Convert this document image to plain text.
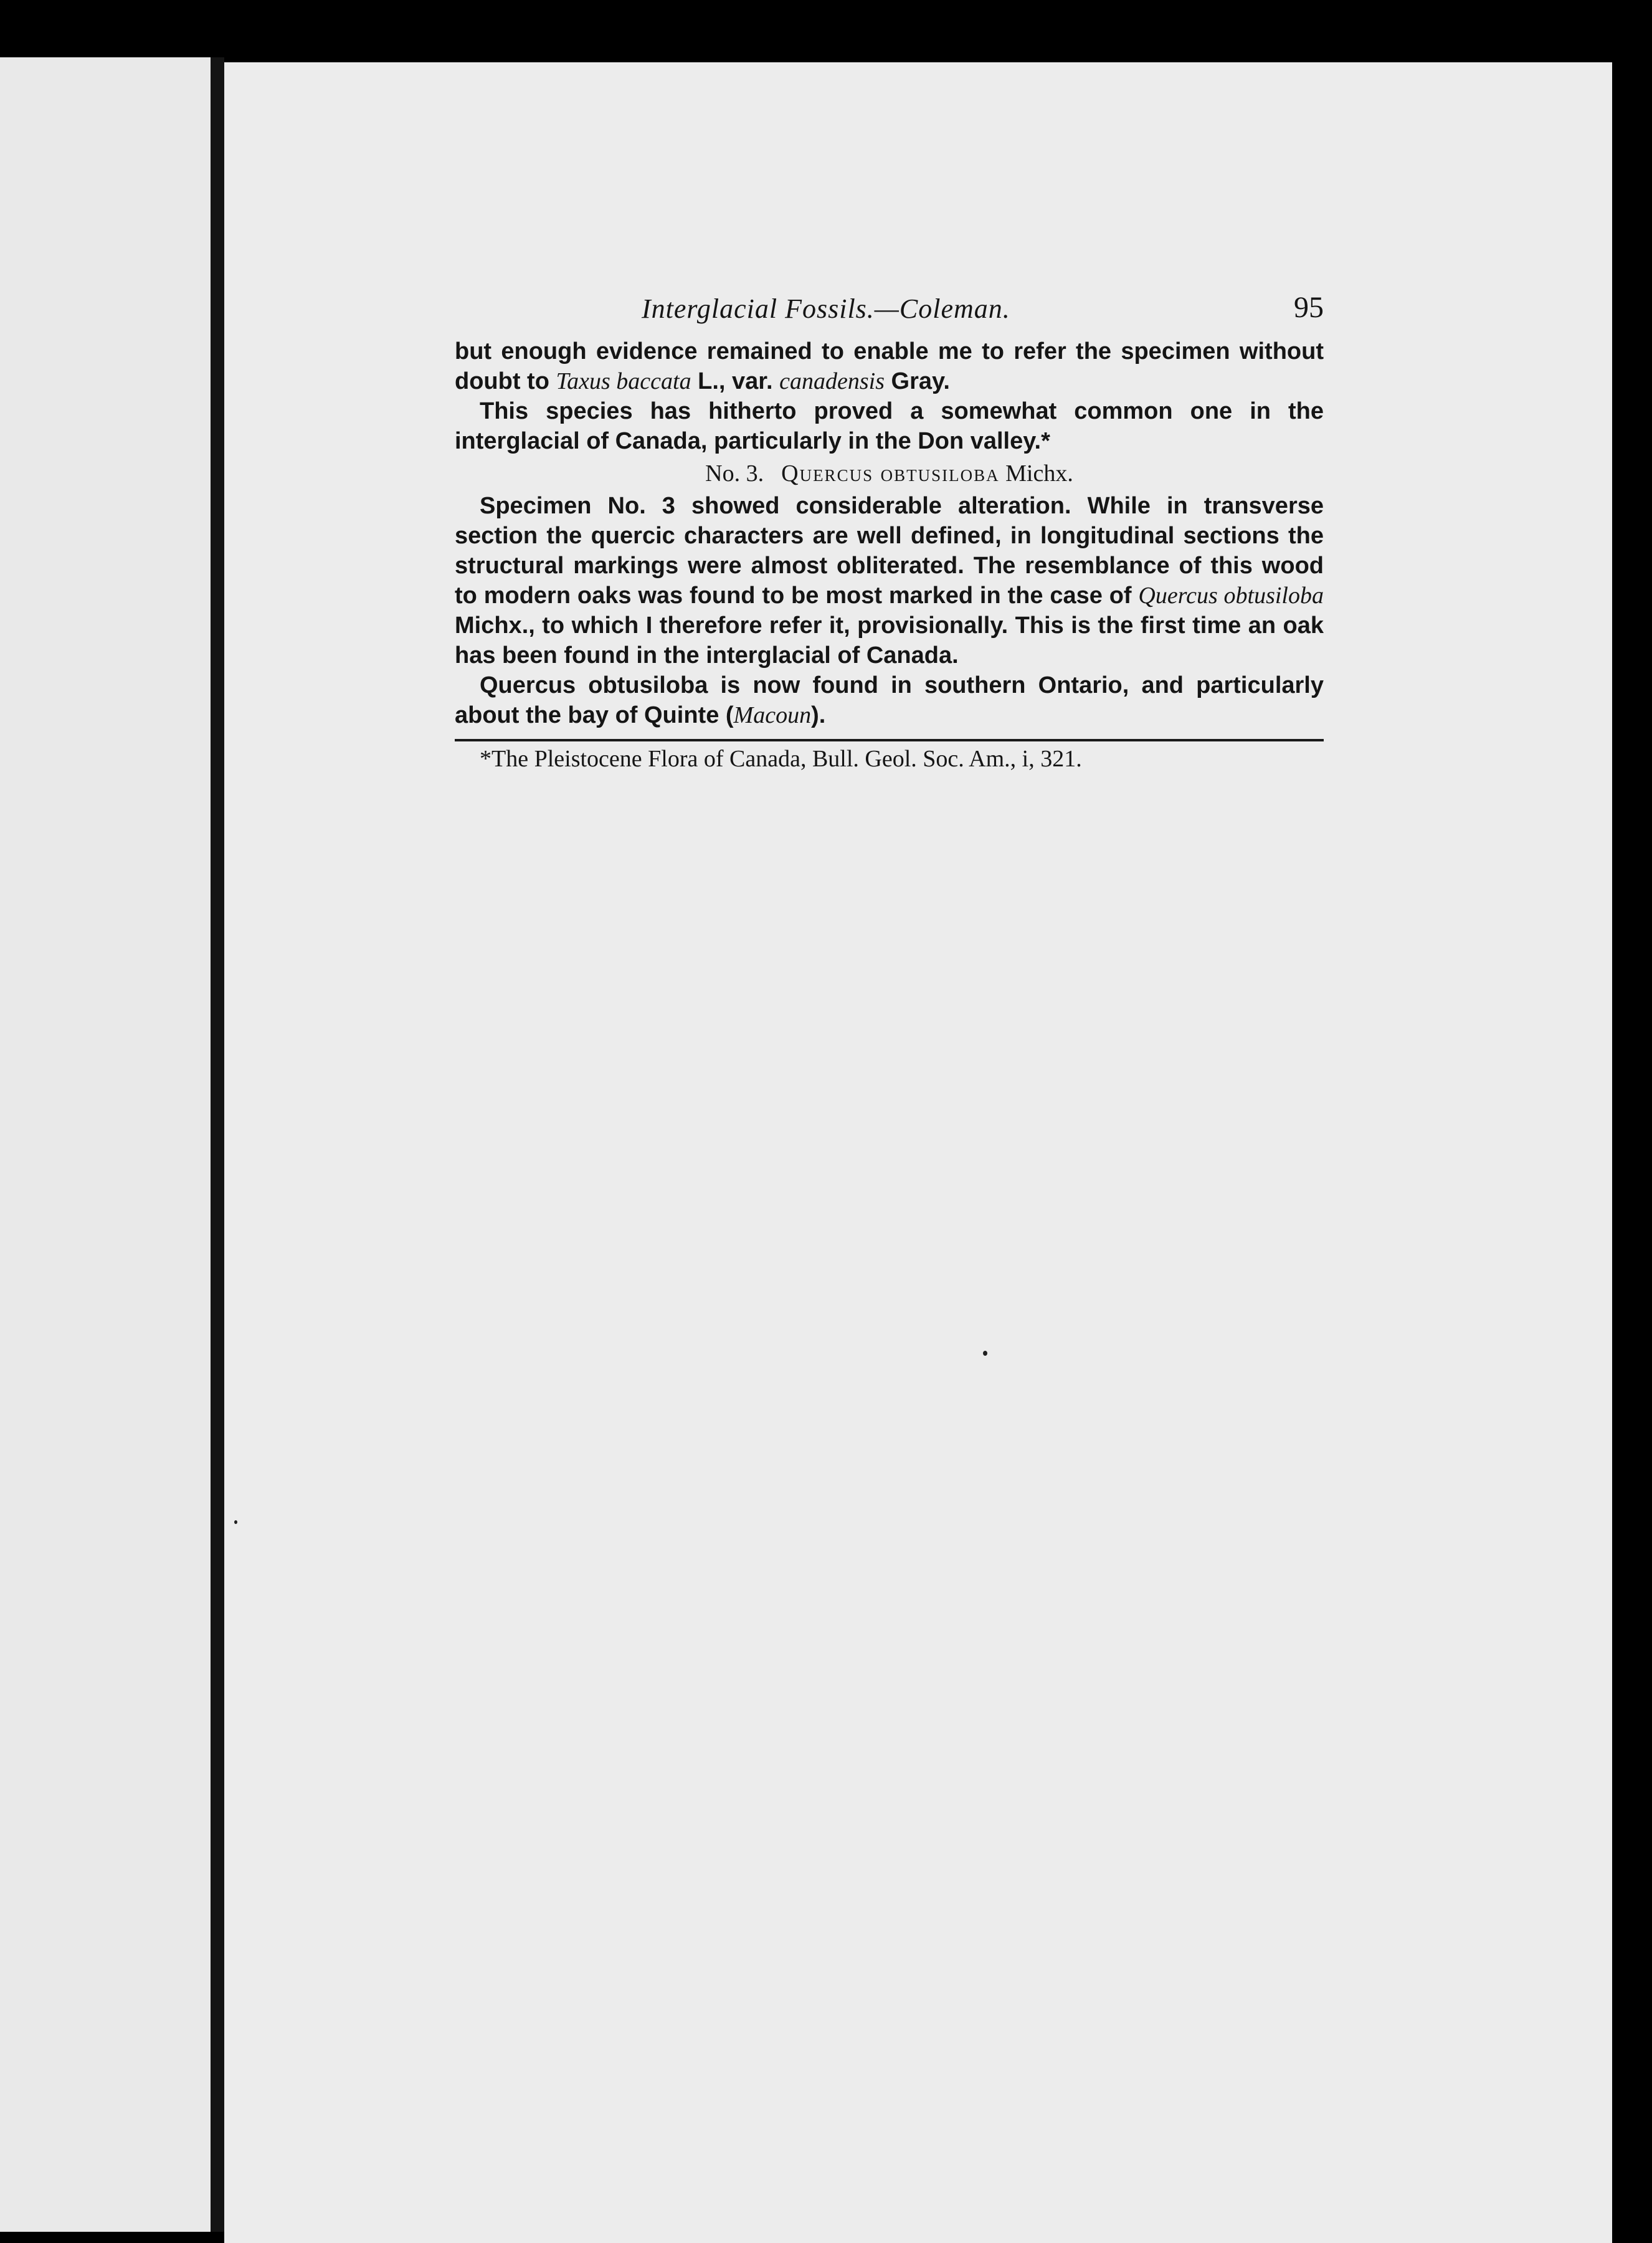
Interglacial Fossils.—Coleman.	95

but enough evidence remained to enable me to refer the specimen without doubt to Taxus baccata L., var. canadensis Gray.

This species has hitherto proved a somewhat common one in the interglacial of Canada, particularly in the Don valley.*

No. 3. Quercus obtusiloba Michx.

Specimen No. 3 showed considerable alteration. While in transverse section the quercic characters are well defined, in longitudinal sections the structural markings were almost obliterated. The resemblance of this wood to modern oaks was found to be most marked in the case of Quercus obtusiloba Michx., to which I therefore refer it, provisionally. This is the first time an oak has been found in the interglacial of Canada.

Quercus obtusiloba is now found in southern Ontario, and particularly about the bay of Quinte (Macoun).

*The Pleistocene Flora of Canada, Bull. Geol. Soc. Am., i, 321.
